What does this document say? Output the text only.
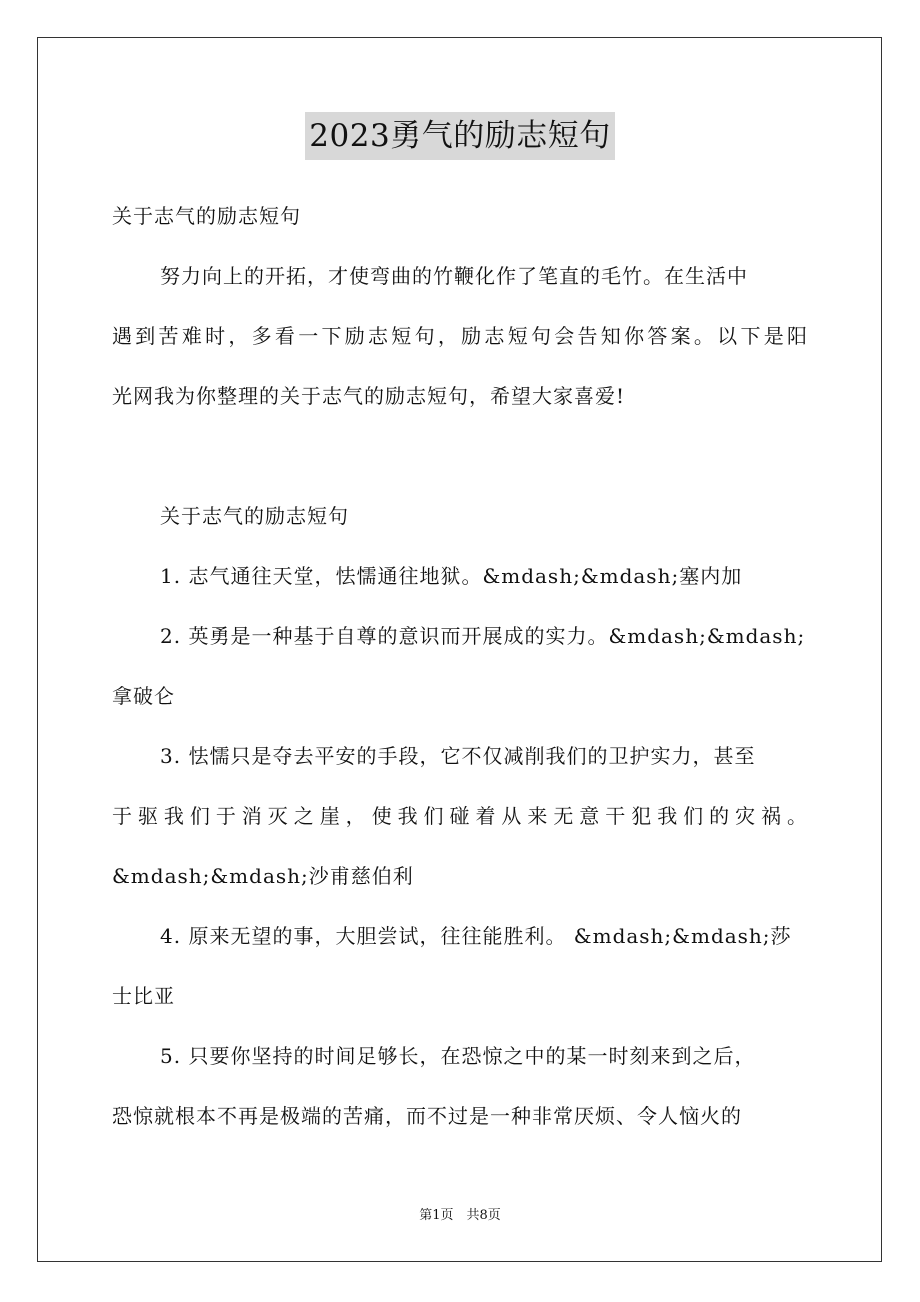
2023勇气的励志短句
关于志气的励志短句
努力向上的开拓，才使弯曲的竹鞭化作了笔直的毛竹。在生活中
遇到苦难时，多看一下励志短句，励志短句会告知你答案。以下是阳
光网我为你整理的关于志气的励志短句，希望大家喜爱!
关于志气的励志短句
1. 志气通往天堂，怯懦通往地狱。&mdash;&mdash;塞内加
2. 英勇是一种基于自尊的意识而开展成的实力。&mdash;&mdash;
拿破仑
3. 怯懦只是夺去平安的手段，它不仅减削我们的卫护实力，甚至
于驱我们于消灭之崖，使我们碰着从来无意干犯我们的灾祸。
&mdash;&mdash;沙甫慈伯利
4. 原来无望的事，大胆尝试，往往能胜利。 &mdash;&mdash;莎
士比亚
5. 只要你坚持的时间足够长，在恐惊之中的某一时刻来到之后，
恐惊就根本不再是极端的苦痛，而不过是一种非常厌烦、令人恼火的
第1页　共8页
